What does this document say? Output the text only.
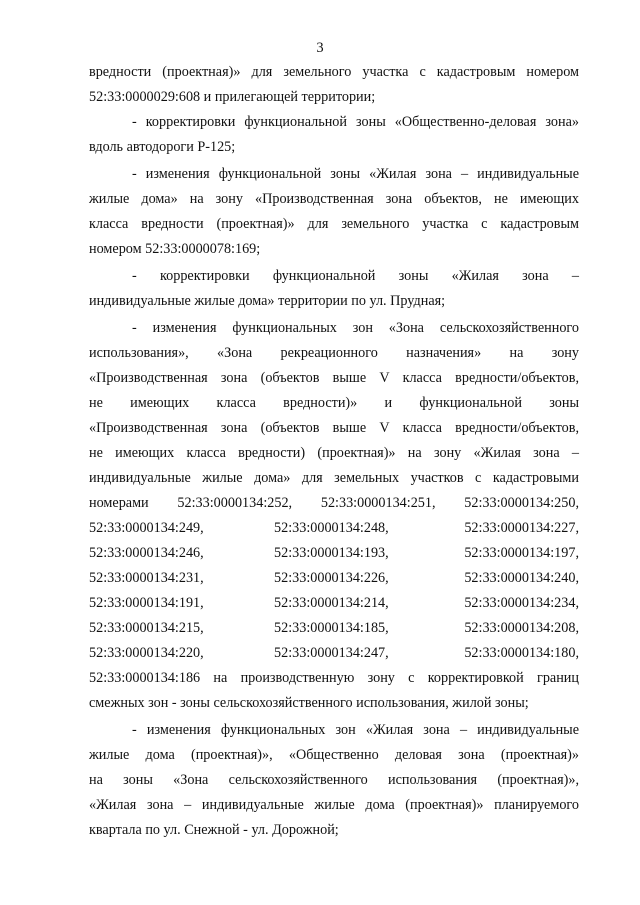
3
вредности (проектная)» для земельного участка с кадастровым номером
52:33:0000029:608 и прилегающей территории;
- корректировки функциональной зоны «Общественно-деловая зона»
вдоль автодороги Р-125;
- изменения функциональной зоны «Жилая зона – индивидуальные
жилые дома» на зону «Производственная зона объектов, не имеющих
класса вредности (проектная)» для земельного участка с кадастровым
номером 52:33:0000078:169;
- корректировки функциональной зоны «Жилая зона –
индивидуальные жилые дома» территории по ул. Прудная;
- изменения функциональных зон «Зона сельскохозяйственного
использования», «Зона рекреационного назначения» на зону
«Производственная зона (объектов выше V класса вредности/объектов,
не имеющих класса вредности)» и функциональной зоны
«Производственная зона (объектов выше V класса вредности/объектов,
не имеющих класса вредности) (проектная)» на зону «Жилая зона –
индивидуальные жилые дома» для земельных участков с кадастровыми
номерами 52:33:0000134:252, 52:33:0000134:251, 52:33:0000134:250,
52:33:0000134:249,	52:33:0000134:248,	52:33:0000134:227,
52:33:0000134:246,	52:33:0000134:193,	52:33:0000134:197,
52:33:0000134:231,	52:33:0000134:226,	52:33:0000134:240,
52:33:0000134:191,	52:33:0000134:214,	52:33:0000134:234,
52:33:0000134:215,	52:33:0000134:185,	52:33:0000134:208,
52:33:0000134:220,	52:33:0000134:247,	52:33:0000134:180,
52:33:0000134:186 на производственную зону с корректировкой границ
смежных зон - зоны сельскохозяйственного использования, жилой зоны;
- изменения функциональных зон «Жилая зона – индивидуальные
жилые дома (проектная)», «Общественно деловая зона (проектная)»
на зоны «Зона сельскохозяйственного использования (проектная)»,
«Жилая зона – индивидуальные жилые дома (проектная)» планируемого
квартала по ул. Снежной - ул. Дорожной;
